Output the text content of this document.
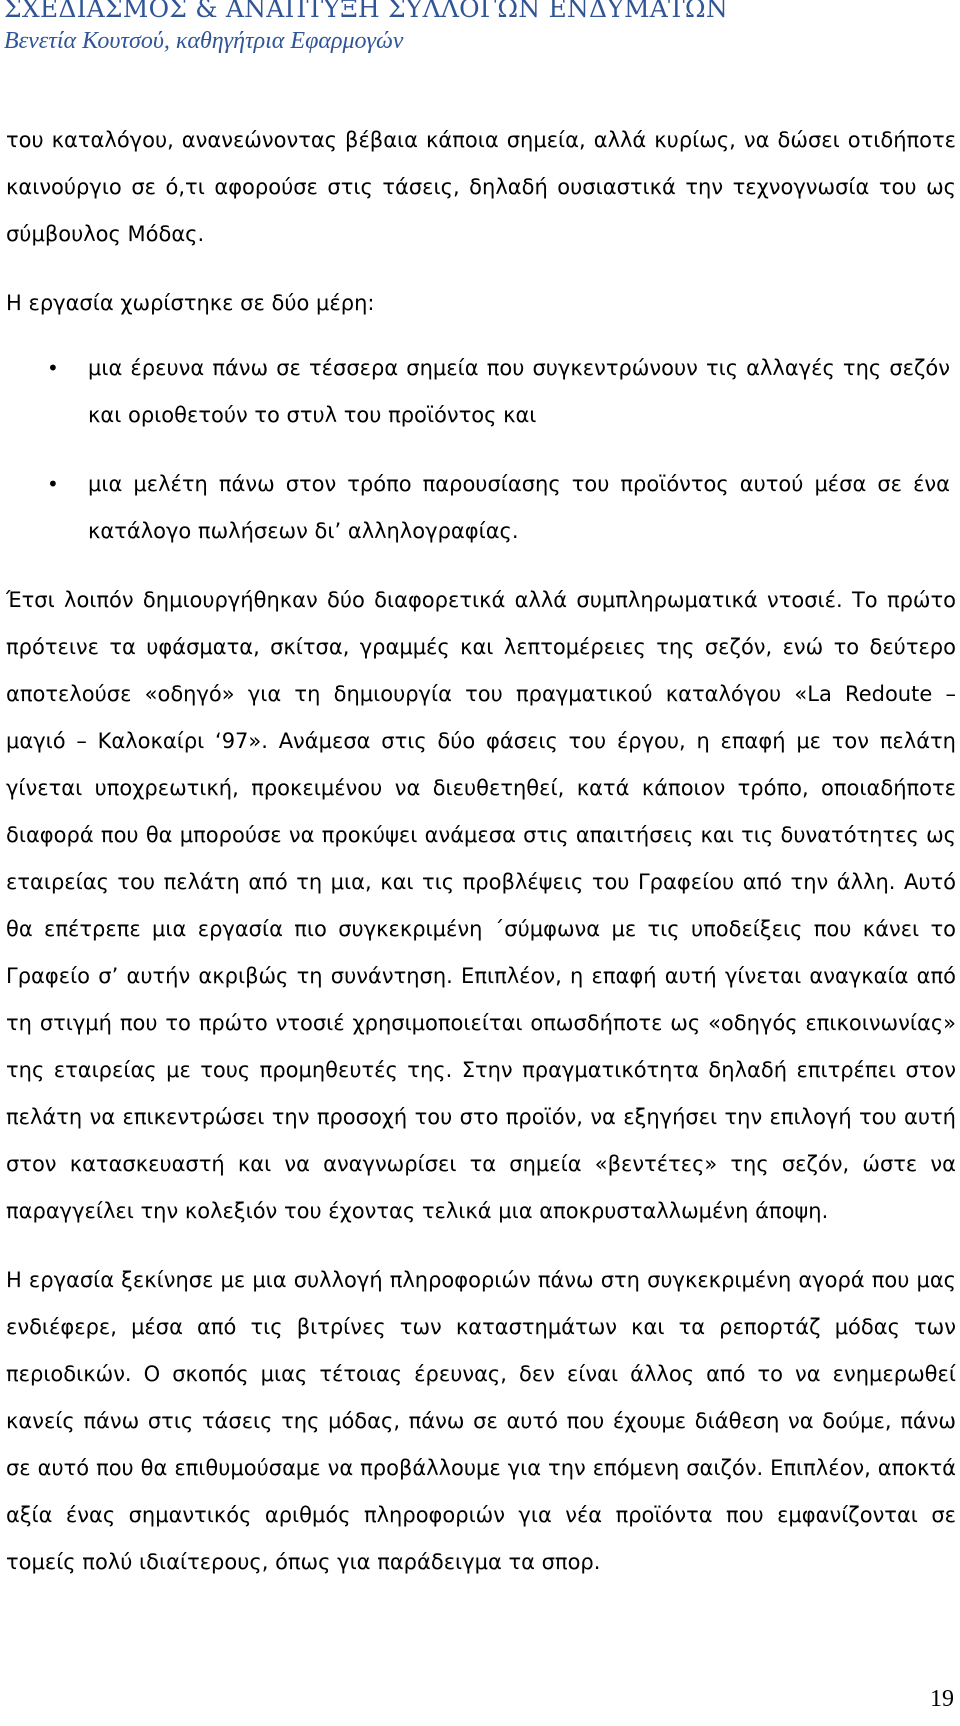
ΣΧΕΔΙΑΣΜΟΣ & ΑΝΑΠΤΥΞΗ ΣΥΛΛΟΓΩΝ ΕΝΔΥΜΑΤΩΝ
Βενετία Κουτσού, καθηγήτρια Εφαρμογών

του καταλόγου, ανανεώνοντας βέβαια κάποια σημεία, αλλά κυρίως, να δώσει οτιδήποτε καινούργιο σε ό,τι αφορούσε στις τάσεις, δηλαδή ουσιαστικά την τεχνογνωσία του ως σύμβουλος Μόδας.

Η εργασία χωρίστηκε σε δύο μέρη:

• μια έρευνα πάνω σε τέσσερα σημεία που συγκεντρώνουν τις αλλαγές της σεζόν και οριοθετούν το στυλ του προϊόντος και
• μια μελέτη πάνω στον τρόπο παρουσίασης του προϊόντος αυτού μέσα σε ένα κατάλογο πωλήσεων δι’ αλληλογραφίας.

Έτσι λοιπόν δημιουργήθηκαν δύο διαφορετικά αλλά συμπληρωματικά ντοσιέ. Το πρώτο πρότεινε τα υφάσματα, σκίτσα, γραμμές και λεπτομέρειες της σεζόν, ενώ το δεύτερο αποτελούσε «οδηγό» για τη δημιουργία του πραγματικού καταλόγου «La Redoute – μαγιό – Καλοκαίρι ‘97». Ανάμεσα στις δύο φάσεις του έργου, η επαφή με τον πελάτη γίνεται υποχρεωτική, προκειμένου να διευθετηθεί, κατά κάποιον τρόπο, οποιαδήποτε διαφορά που θα μπορούσε να προκύψει ανάμεσα στις απαιτήσεις και τις δυνατότητες ως εταιρείας του πελάτη από τη μια, και τις προβλέψεις του Γραφείου από την άλλη. Αυτό θα επέτρεπε μια εργασία πιο συγκεκριμένη ΄σύμφωνα με τις υποδείξεις που κάνει το Γραφείο σ’ αυτήν ακριβώς τη συνάντηση. Επιπλέον, η επαφή αυτή γίνεται αναγκαία από τη στιγμή που το πρώτο ντοσιέ χρησιμοποιείται οπωσδήποτε ως «οδηγός επικοινωνίας» της εταιρείας με τους προμηθευτές της. Στην πραγματικότητα δηλαδή επιτρέπει στον πελάτη να επικεντρώσει την προσοχή του στο προϊόν, να εξηγήσει την επιλογή του αυτή στον κατασκευαστή και να αναγνωρίσει τα σημεία «βεντέτες» της σεζόν, ώστε να παραγγείλει την κολεξιόν του έχοντας τελικά μια αποκρυσταλλωμένη άποψη.

Η εργασία ξεκίνησε με μια συλλογή πληροφοριών πάνω στη συγκεκριμένη αγορά που μας ενδιέφερε, μέσα από τις βιτρίνες των καταστημάτων και τα ρεπορτάζ μόδας των περιοδικών. Ο σκοπός μιας τέτοιας έρευνας, δεν είναι άλλος από το να ενημερωθεί κανείς πάνω στις τάσεις της μόδας, πάνω σε αυτό που έχουμε διάθεση να δούμε, πάνω σε αυτό που θα επιθυμούσαμε να προβάλλουμε για την επόμενη σαιζόν. Επιπλέον, αποκτά αξία ένας σημαντικός αριθμός πληροφοριών για νέα προϊόντα που εμφανίζονται σε τομείς πολύ ιδιαίτερους, όπως για παράδειγμα τα σπορ.

19
